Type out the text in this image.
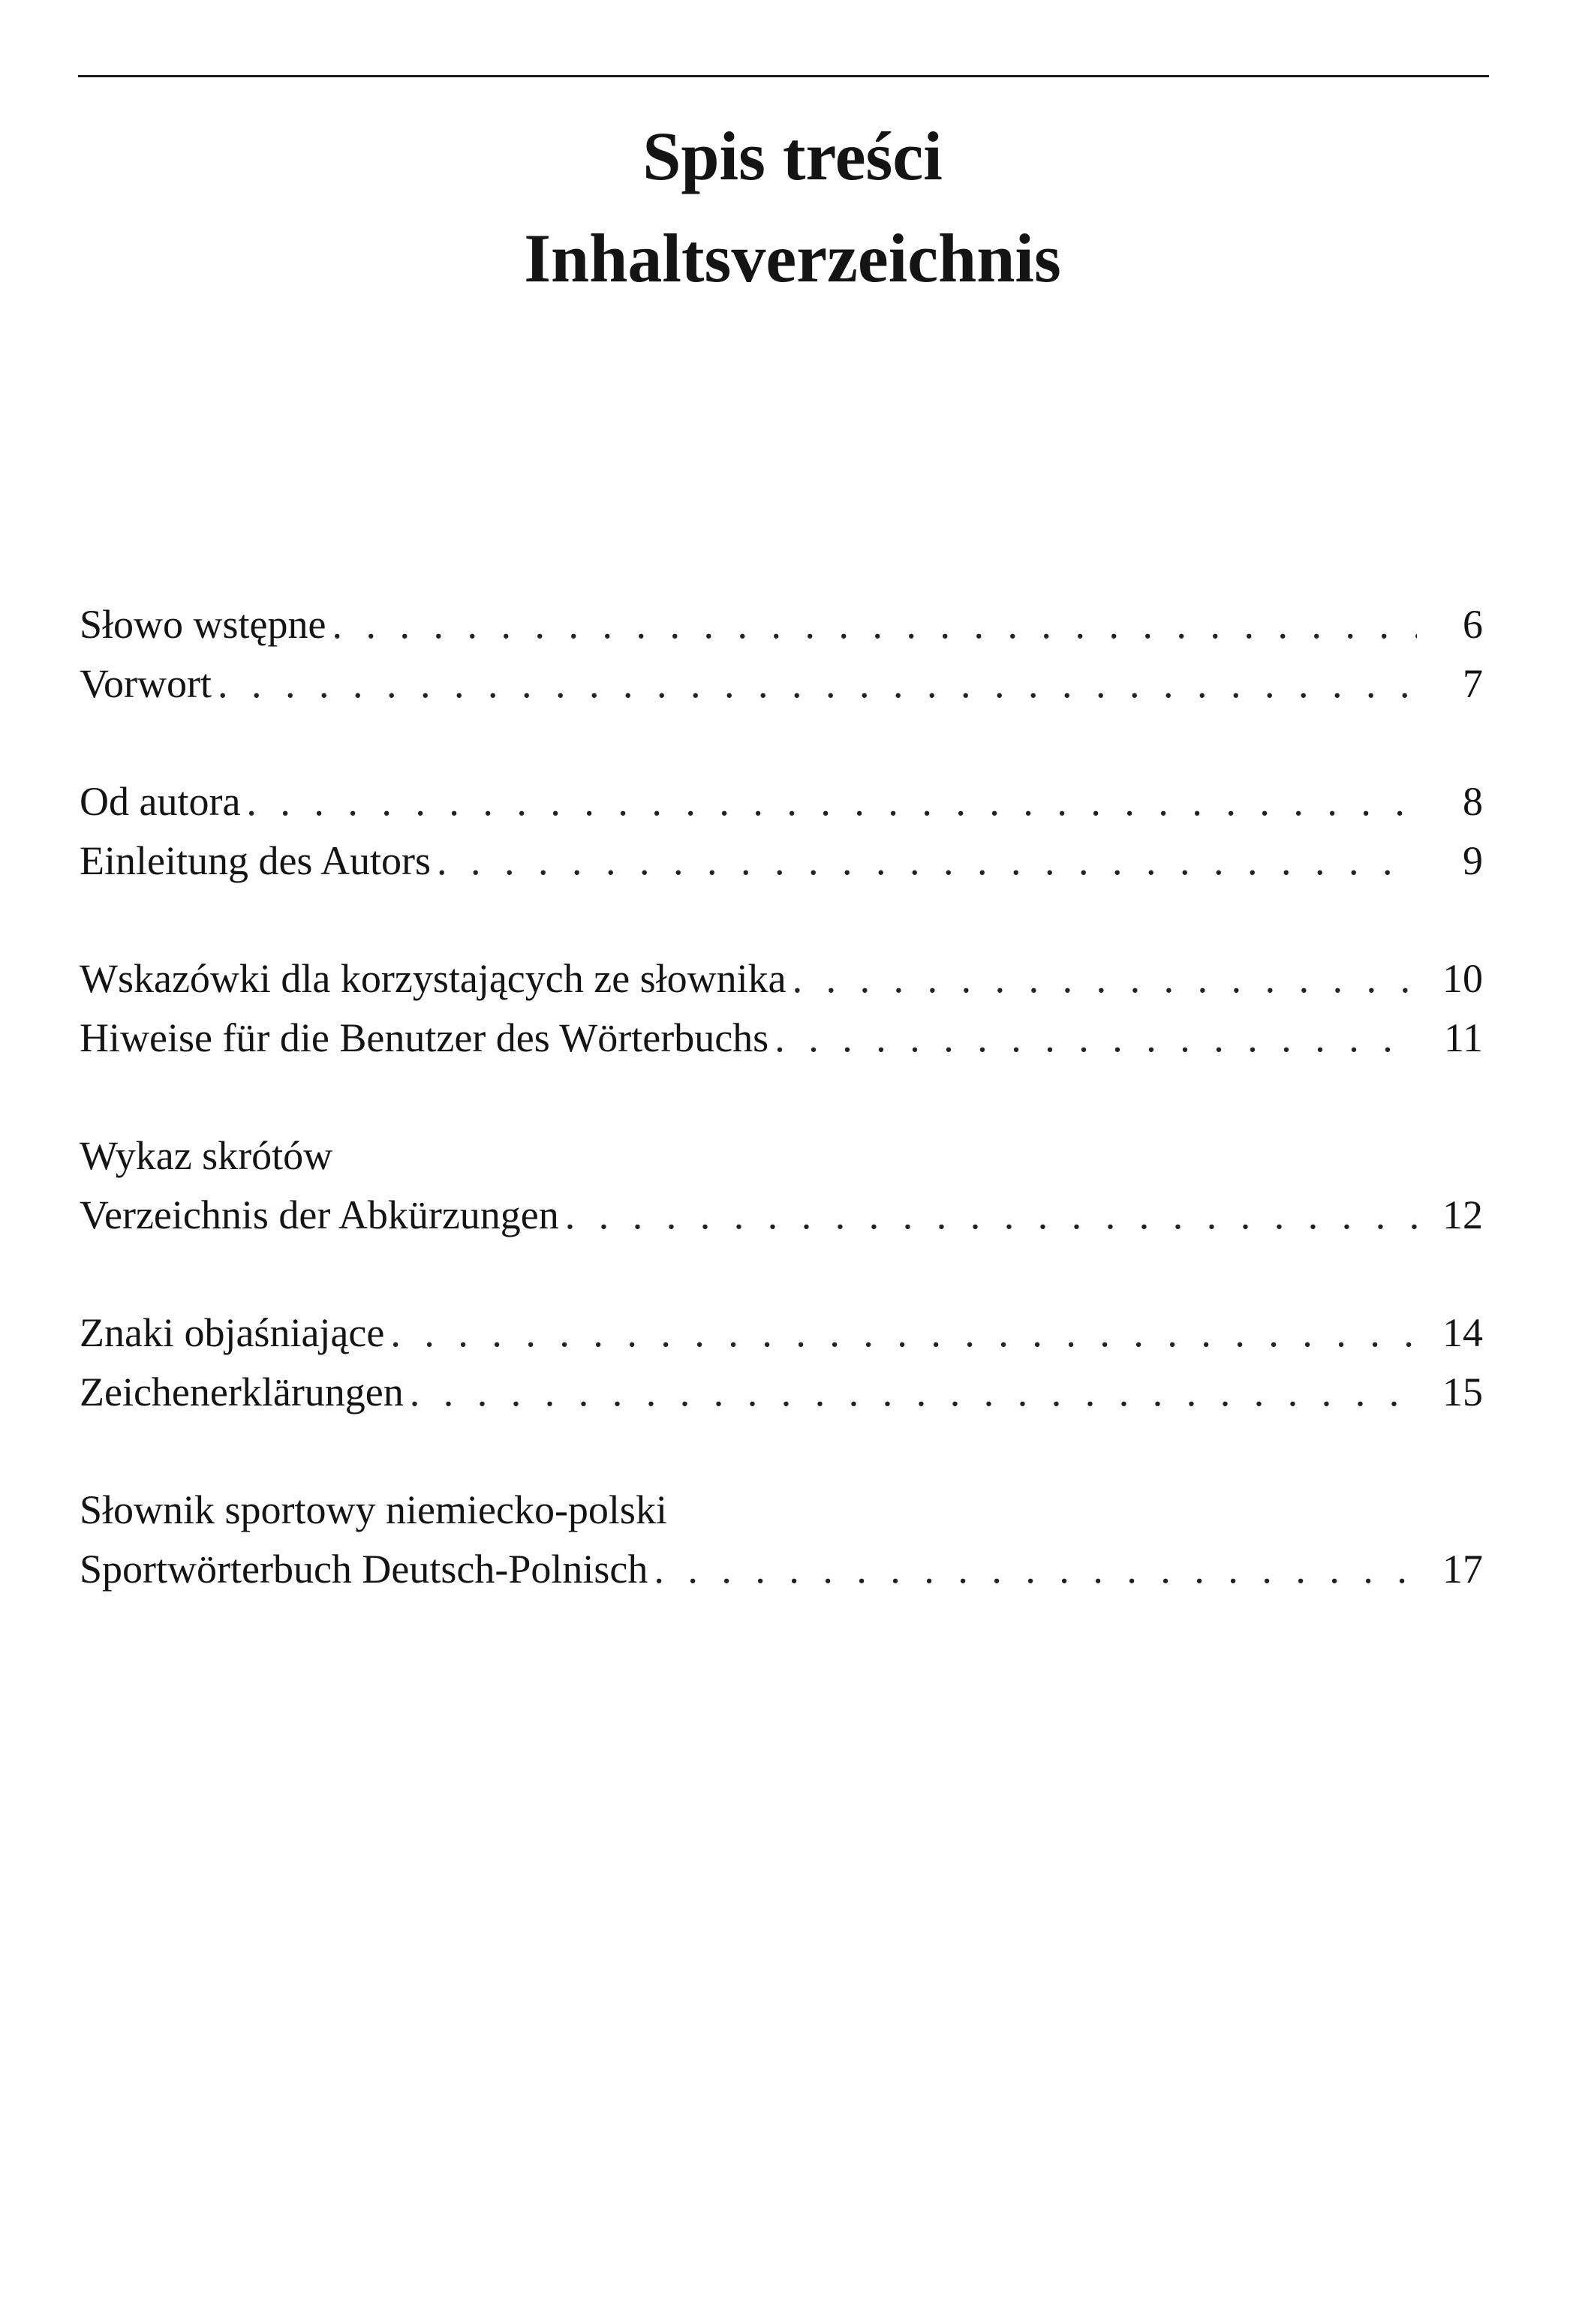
Spis treści
Inhaltsverzeichnis
Słowo wstępne . . .	6
Vorwort . . .	7
Od autora . . .	8
Einleitung des Autors . . .	9
Wskazówki dla korzystających ze słownika . . .	10
Hiweise für die Benutzer des Wörterbuchs . . .	11
Wykaz skrótów
Verzeichnis der Abkürzungen . . .	12
Znaki objaśniające . . .	14
Zeichenerklärungen . . .	15
Słownik sportowy niemiecko-polski
Sportwörterbuch Deutsch-Polnisch . . .	17
